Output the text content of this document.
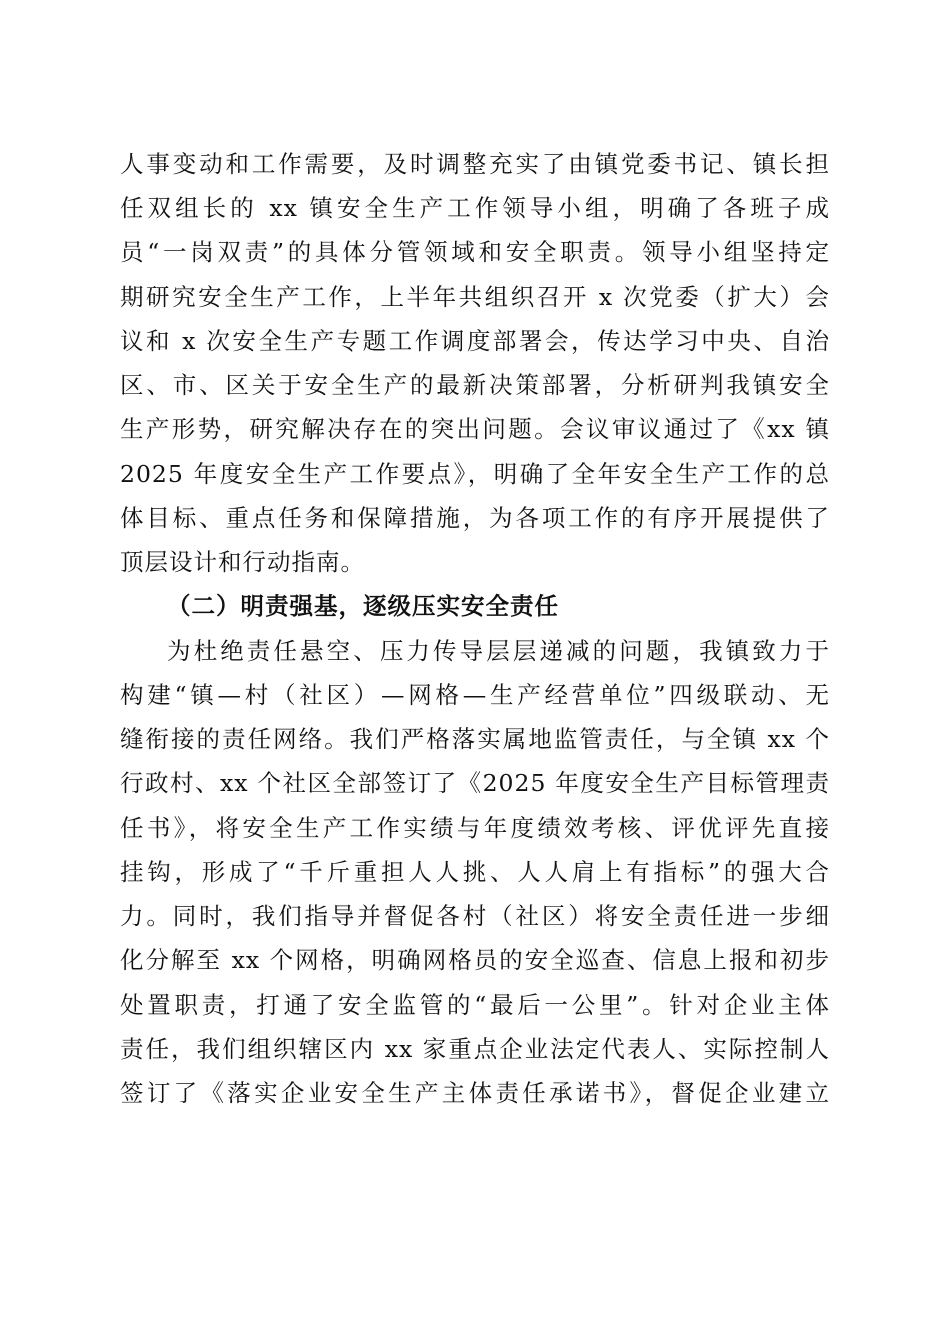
人事变动和工作需要，及时调整充实了由镇党委书记、镇长担
任双组长的 xx 镇安全生产工作领导小组，明确了各班子成
员“一岗双责”的具体分管领域和安全职责。领导小组坚持定
期研究安全生产工作，上半年共组织召开 x 次党委（扩大）会
议和 x 次安全生产专题工作调度部署会，传达学习中央、自治
区、市、区关于安全生产的最新决策部署，分析研判我镇安全
生产形势，研究解决存在的突出问题。会议审议通过了《xx 镇
2025 年度安全生产工作要点》，明确了全年安全生产工作的总
体目标、重点任务和保障措施，为各项工作的有序开展提供了
顶层设计和行动指南。
（二）明责强基，逐级压实安全责任
为杜绝责任悬空、压力传导层层递减的问题，我镇致力于
构建“镇—村（社区）—网格—生产经营单位”四级联动、无
缝衔接的责任网络。我们严格落实属地监管责任，与全镇 xx 个
行政村、xx 个社区全部签订了《2025 年度安全生产目标管理责
任书》，将安全生产工作实绩与年度绩效考核、评优评先直接
挂钩，形成了“千斤重担人人挑、人人肩上有指标”的强大合
力。同时，我们指导并督促各村（社区）将安全责任进一步细
化分解至 xx 个网格，明确网格员的安全巡查、信息上报和初步
处置职责，打通了安全监管的“最后一公里”。针对企业主体
责任，我们组织辖区内 xx 家重点企业法定代表人、实际控制人
签订了《落实企业安全生产主体责任承诺书》，督促企业建立
